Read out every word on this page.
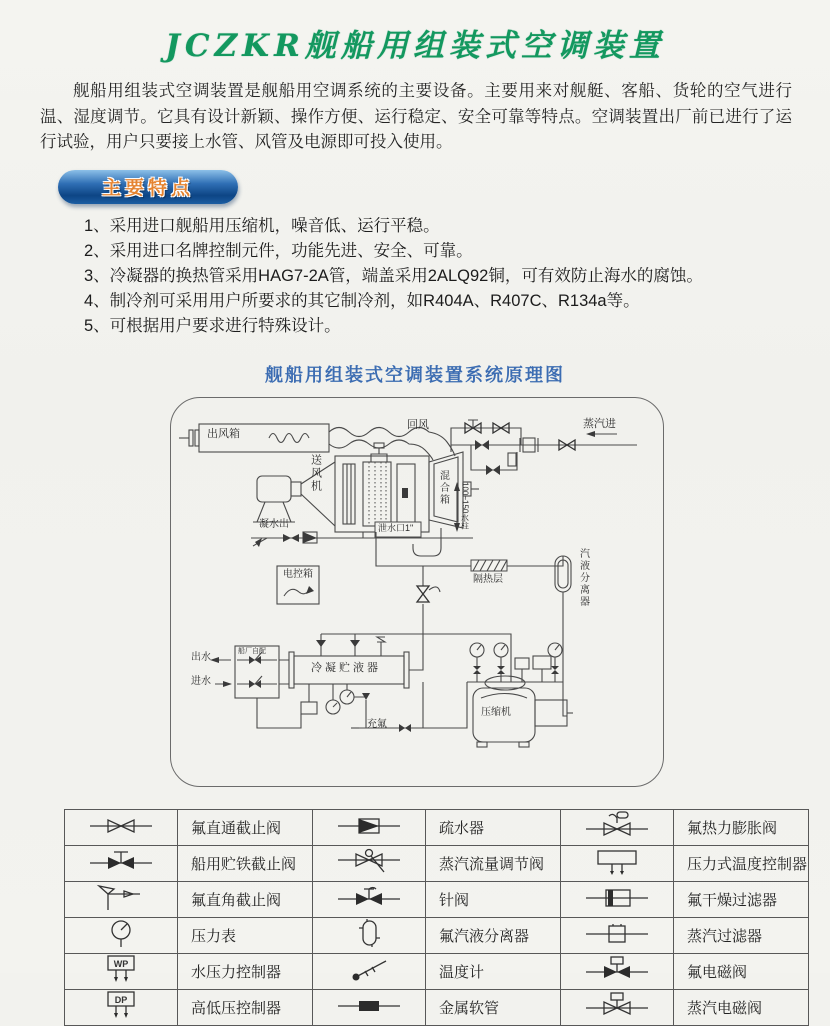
JCZKR舰船用组装式空调装置

舰船用组装式空调装置是舰船用空调系统的主要设备。主要用来对舰艇、客船、货轮的空气进行温、湿度调节。它具有设计新颖、操作方便、运行稳定、安全可靠等特点。空调装置出厂前已进行了运行试验，用户只要接上水管、风管及电源即可投入使用。

主要特点
1、采用进口舰船用压缩机，噪音低、运行平稳。
2、采用进口名牌控制元件，功能先进、安全、可靠。
3、冷凝器的换热管采用HAG7-2A管，端盖采用2ALQ92铜，可有效防止海水的腐蚀。
4、制冷剂可采用用户所要求的其它制冷剂，如R404A、R407C、R134a等。
5、可根据用户要求进行特殊设计。
舰船用组装式空调装置系统原理图
出风箱
回风
送风机	混合箱
蒸汽进
泄水口1"	100~150水柱
凝水出
电控箱	隔热层	汽液分离器
船厂自配
出水
进水
冷凝贮液器
充氟
压缩机
	氟直通截止阀		疏水器		氟热力膨胀阀
	船用贮铁截止阀		蒸汽流量调节阀		压力式温度控制器
	氟直角截止阀		针阀		氟干燥过滤器
	压力表		氟汽液分离器		蒸汽过滤器

WP	水压力控制器		温度计		氟电磁阀

DP	高低压控制器		金属软管		蒸汽电磁阀
